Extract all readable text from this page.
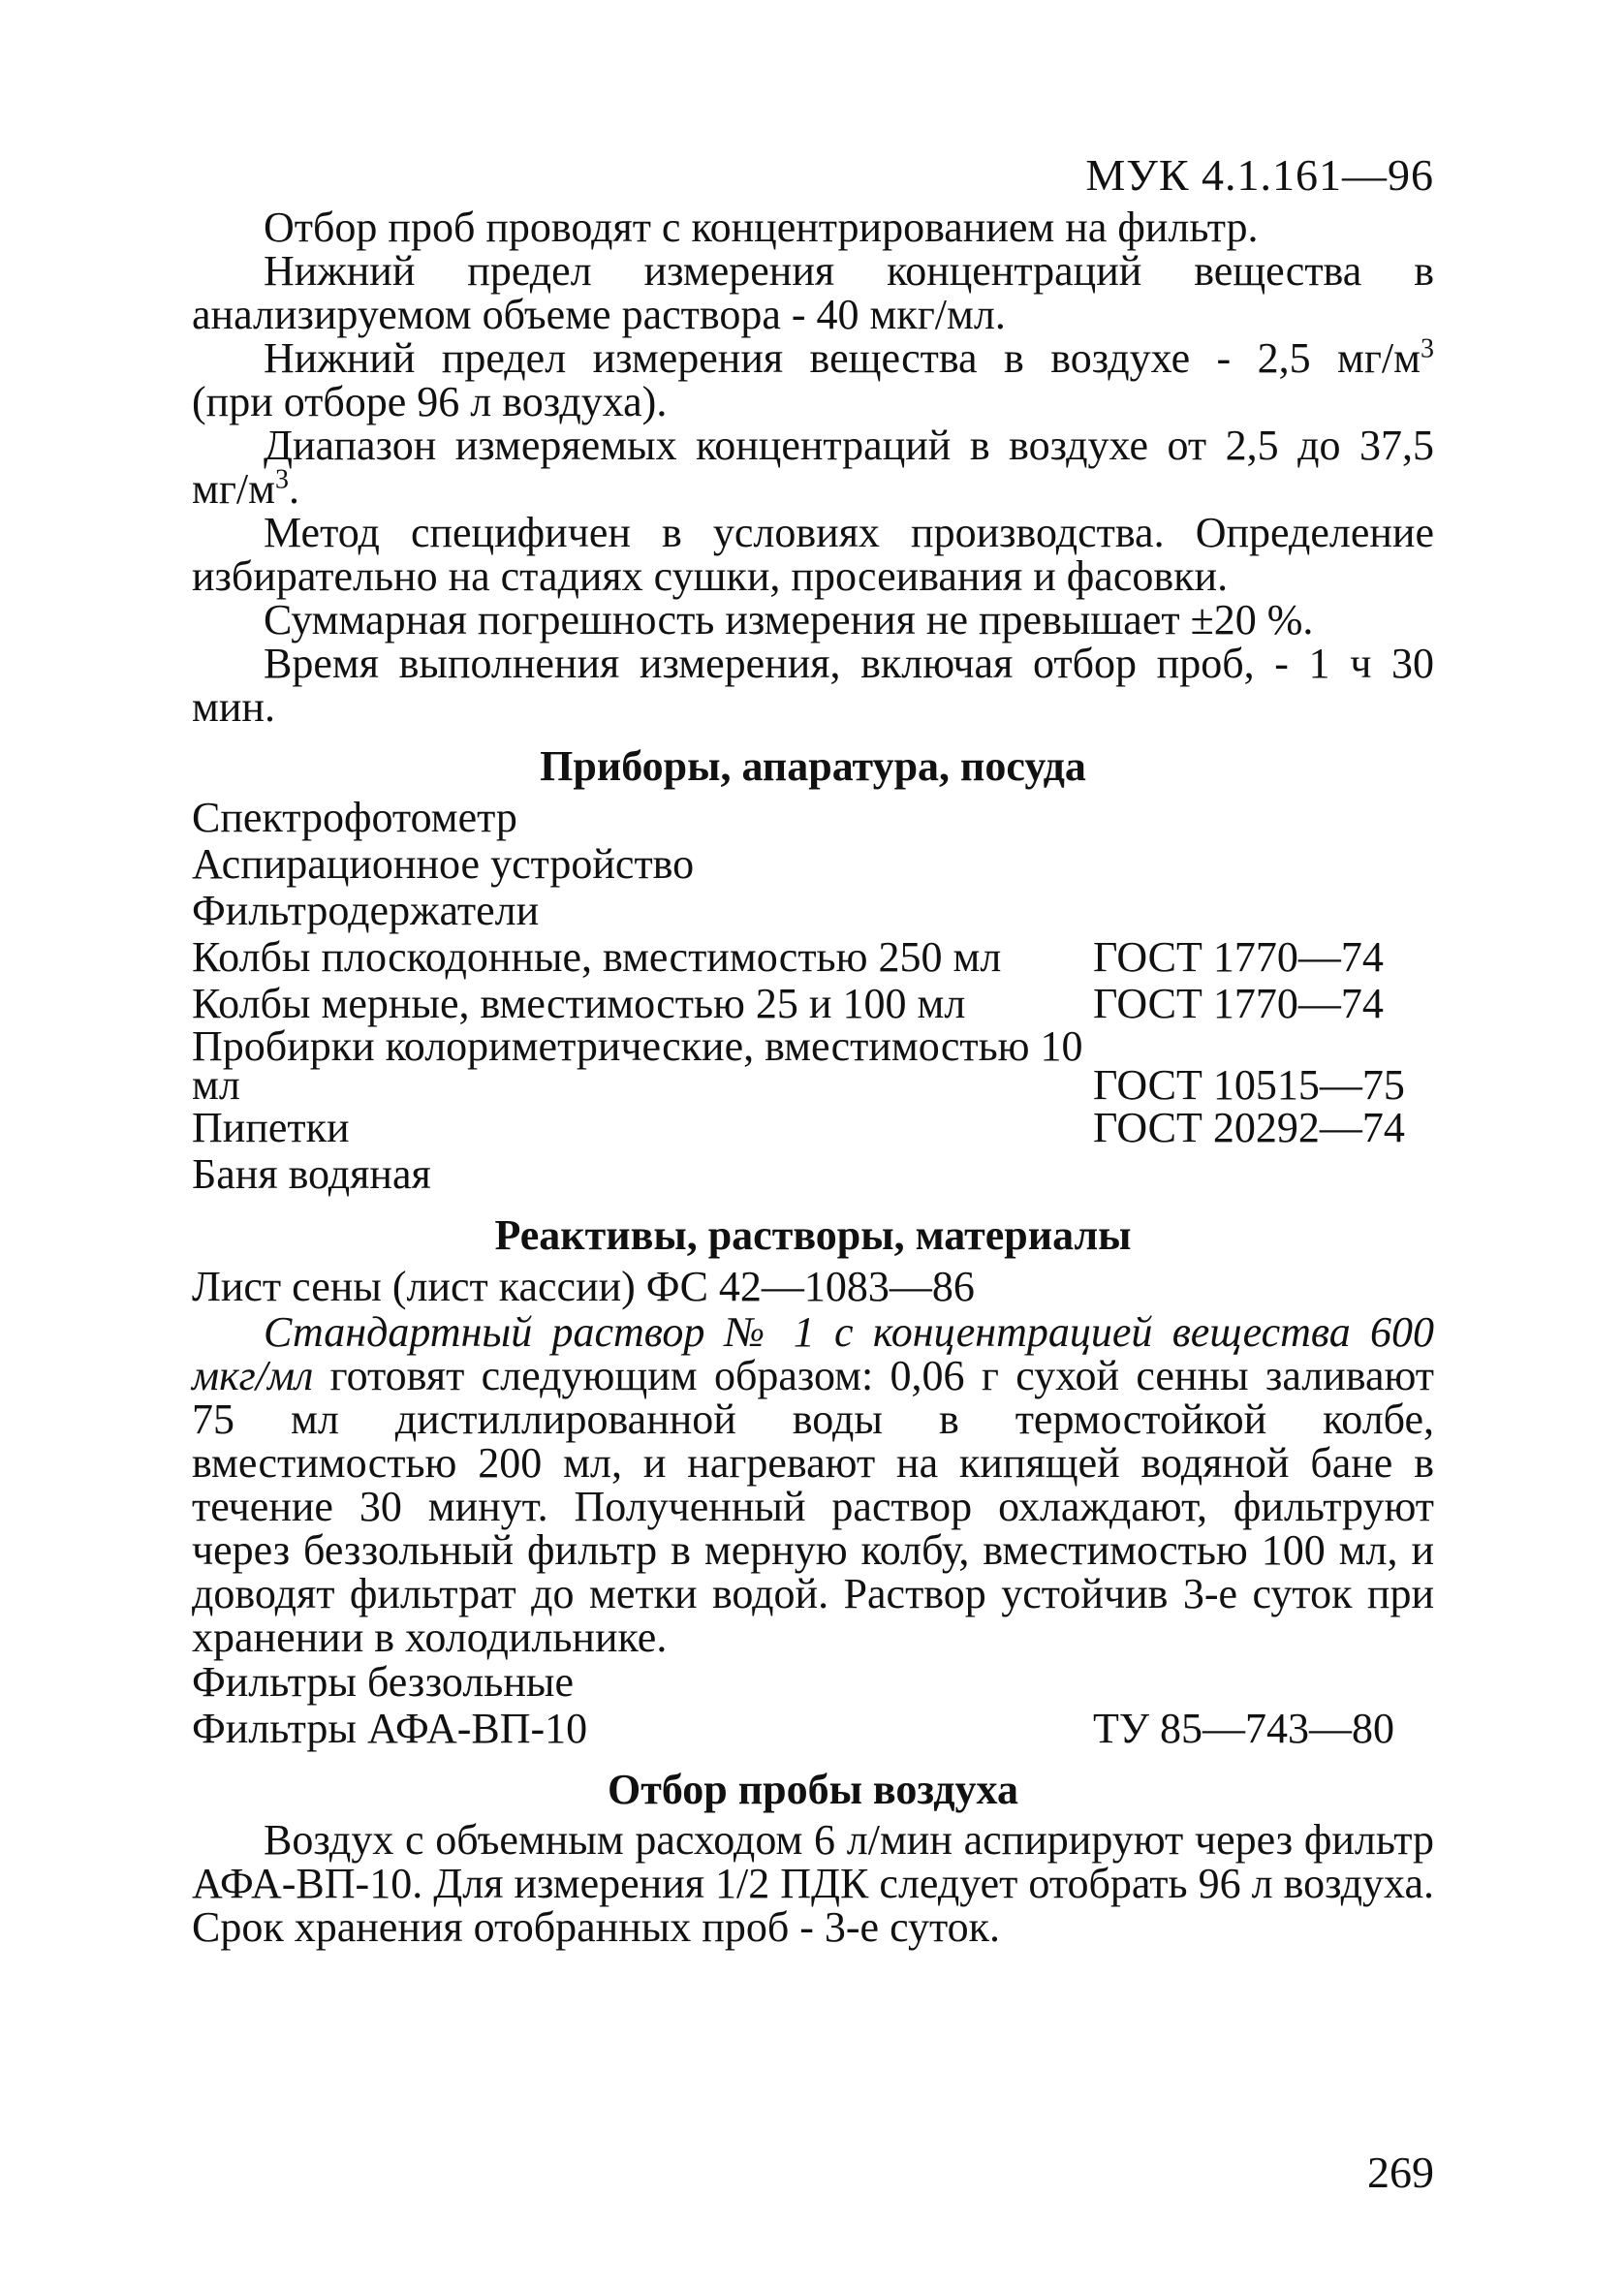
МУК 4.1.161—96

Отбор проб проводят с концентрированием на фильтр.

Нижний предел измерения концентраций вещества в анализируемом объеме раствора - 40 мкг/мл.

Нижний предел измерения вещества в воздухе - 2,5 $мг/м^3$

(при отборе 96 л воздуха).

Диапазон измеряемых концентраций в воздухе от 2,5 до 37,5 $мг/м^3$.

Метод специфичен в условиях производства. Определение избирательно на стадиях сушки, просеивания и фасовки.

Суммарная погрешность измерения не превышает ±20 %.

Время выполнения измерения, включая отбор проб, - 1 ч 30 мин.

Приборы, апаратура, посуда
Спектрофотометр
Аспирационное устройство
Фильтродержатели
Колбы плоскодонные, вместимостью 250 мл	ГОСТ 1770—74
Колбы мерные, вместимостью 25 и 100 мл	ГОСТ 1770—74
Пробирки колориметрические, вместимостью 10 мл	ГОСТ 10515—75
Пипетки	ГОСТ 20292—74
Баня водяная
Реактивы, растворы, материалы
Лист сены (лист кассии) ФС 42—1083—86

Стандартный раствор № 1 с концентрацией вещества 600 мкг/мл готовят следующим образом: 0,06 г сухой сенны заливают 75 мл дистиллированной воды в термостойкой колбе, вместимостью 200 мл, и нагревают на кипящей водяной бане в течение 30 минут. Полученный раствор охлаждают, фильтруют через беззольный фильтр в мерную колбу, вместимостью 100 мл, и доводят фильтрат до метки водой. Раствор устойчив 3-е суток при хранении в холодильнике.

Фильтры беззольные
Фильтры АФА-ВП-10	ТУ 85—743—80
Отбор пробы воздуха

Воздух с объемным расходом 6 л/мин аспирируют через фильтр АФА-ВП-10. Для измерения 1/2 ПДК следует отобрать 96 л воздуха. Срок хранения отобранных проб - 3-е суток.

269
